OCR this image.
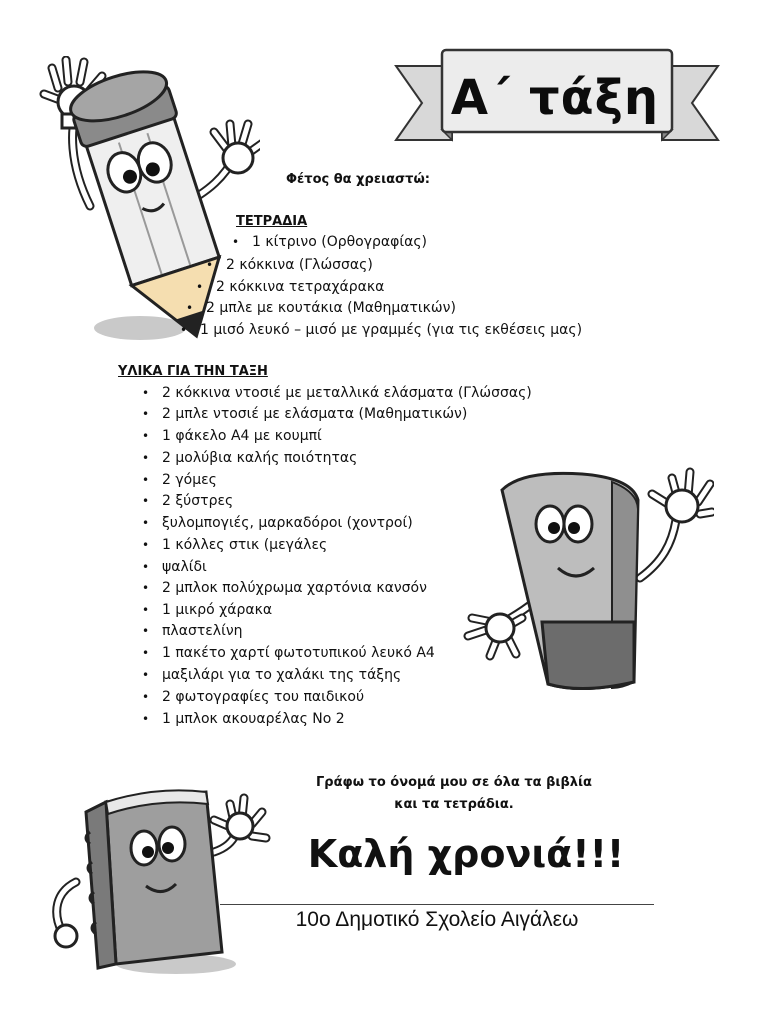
Α΄ τάξη
Φέτος θα χρειαστώ:
ΤΕΤΡΑΔΙΑ
• 1 κίτρινο (Ορθογραφίας)
• 2 κόκκινα (Γλώσσας)
• 2 κόκκινα τετραχάρακα
• 2 μπλε με κουτάκια (Μαθηματικών)
• 1 μισό λευκό – μισό με γραμμές (για τις εκθέσεις μας)
ΥΛΙΚΑ ΓΙΑ ΤΗΝ ΤΑΞΗ
• 2 κόκκινα ντοσιέ με μεταλλικά ελάσματα (Γλώσσας)
• 2 μπλε ντοσιέ με ελάσματα (Μαθηματικών)
• 1 φάκελο Α4 με κουμπί
• 2 μολύβια καλής ποιότητας
• 2 γόμες
• 2 ξύστρες
• ξυλομπογιές, μαρκαδόροι (χοντροί)
• 1 κόλλες στικ (μεγάλες
• ψαλίδι
• 2 μπλοκ πολύχρωμα χαρτόνια κανσόν
• 1 μικρό χάρακα
• πλαστελίνη
• 1 πακέτο χαρτί φωτοτυπικού λευκό Α4
• μαξιλάρι για το χαλάκι της τάξης
• 2 φωτογραφίες του παιδικού
• 1 μπλοκ ακουαρέλας Νο 2
Γράφω το όνομά μου σε όλα τα βιβλία
και τα τετράδια.
Καλή χρονιά!!!
10ο Δημοτικό Σχολείο Αιγάλεω
